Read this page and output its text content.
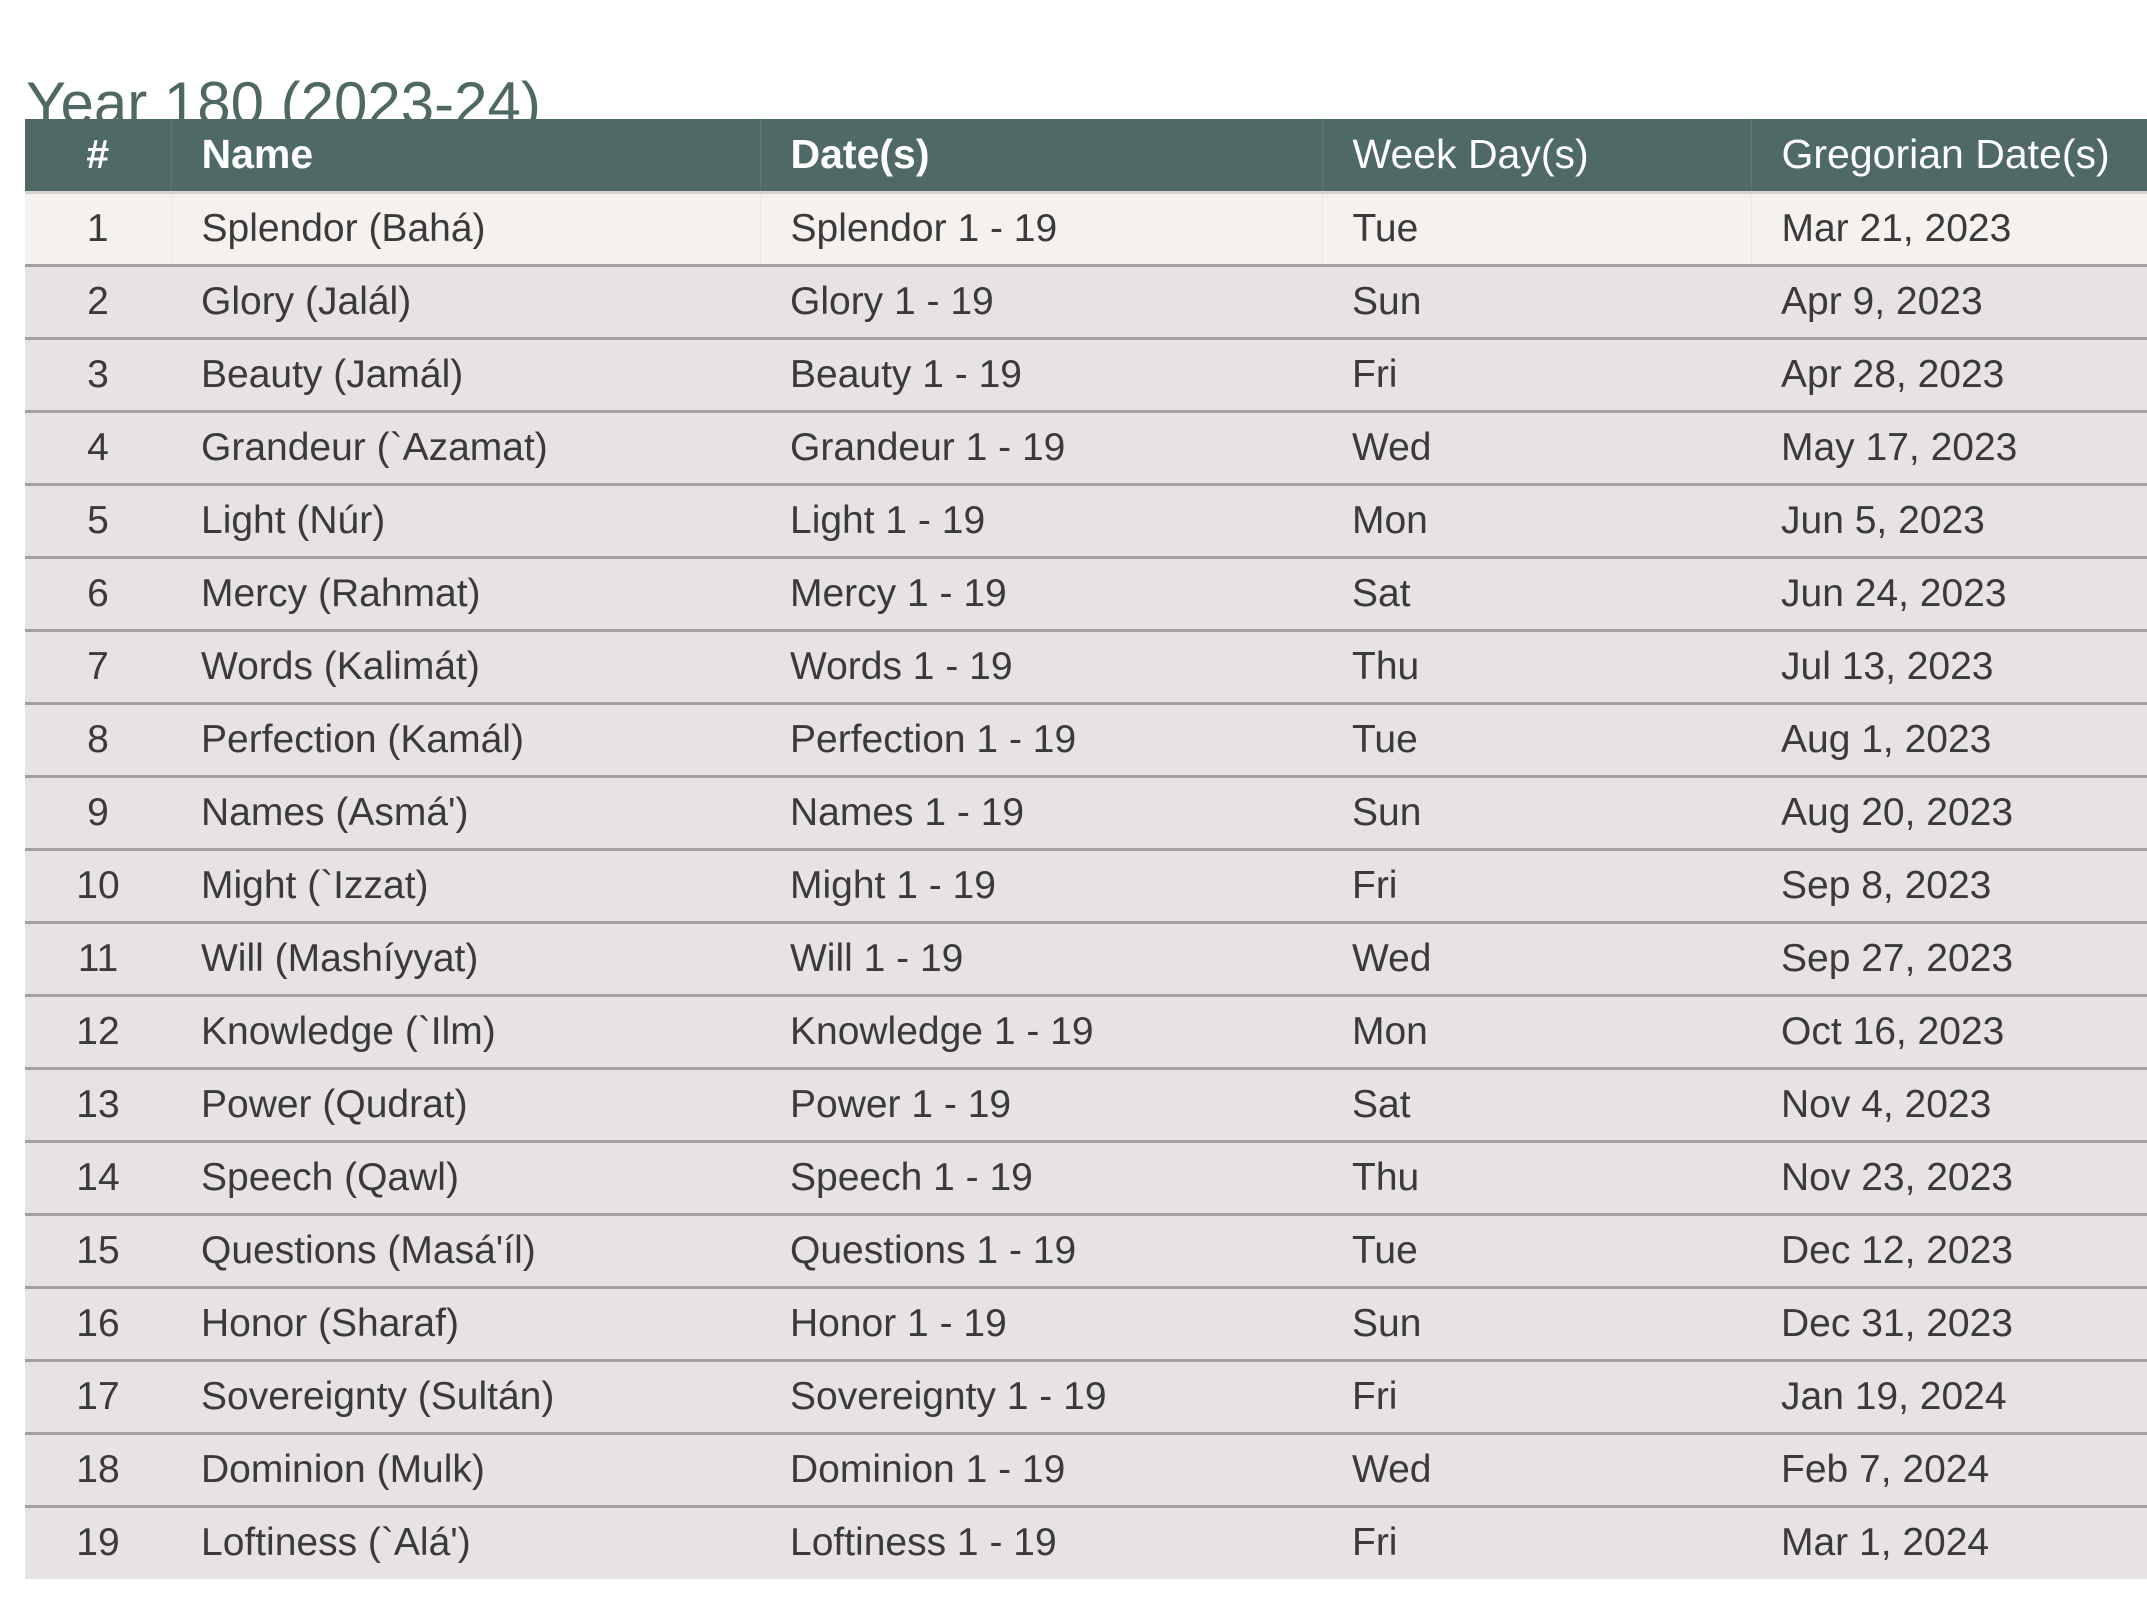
Year 180 (2023-24)
#	Name	Date(s)	Week Day(s)	Gregorian Date(s)
1	Splendor (Bahá)	Splendor 1 - 19	Tue	Mar 21, 2023
2	Glory (Jalál)	Glory 1 - 19	Sun	Apr 9, 2023
3	Beauty (Jamál)	Beauty 1 - 19	Fri	Apr 28, 2023
4	Grandeur (`Azamat)	Grandeur 1 - 19	Wed	May 17, 2023
5	Light (Núr)	Light 1 - 19	Mon	Jun 5, 2023
6	Mercy (Rahmat)	Mercy 1 - 19	Sat	Jun 24, 2023
7	Words (Kalimát)	Words 1 - 19	Thu	Jul 13, 2023
8	Perfection (Kamál)	Perfection 1 - 19	Tue	Aug 1, 2023
9	Names (Asmá')	Names 1 - 19	Sun	Aug 20, 2023
10	Might (`Izzat)	Might 1 - 19	Fri	Sep 8, 2023
11	Will (Mashíyyat)	Will 1 - 19	Wed	Sep 27, 2023
12	Knowledge (`Ilm)	Knowledge 1 - 19	Mon	Oct 16, 2023
13	Power (Qudrat)	Power 1 - 19	Sat	Nov 4, 2023
14	Speech (Qawl)	Speech 1 - 19	Thu	Nov 23, 2023
15	Questions (Masá'íl)	Questions 1 - 19	Tue	Dec 12, 2023
16	Honor (Sharaf)	Honor 1 - 19	Sun	Dec 31, 2023
17	Sovereignty (Sultán)	Sovereignty 1 - 19	Fri	Jan 19, 2024
18	Dominion (Mulk)	Dominion 1 - 19	Wed	Feb 7, 2024
19	Loftiness (`Alá')	Loftiness 1 - 19	Fri	Mar 1, 2024
